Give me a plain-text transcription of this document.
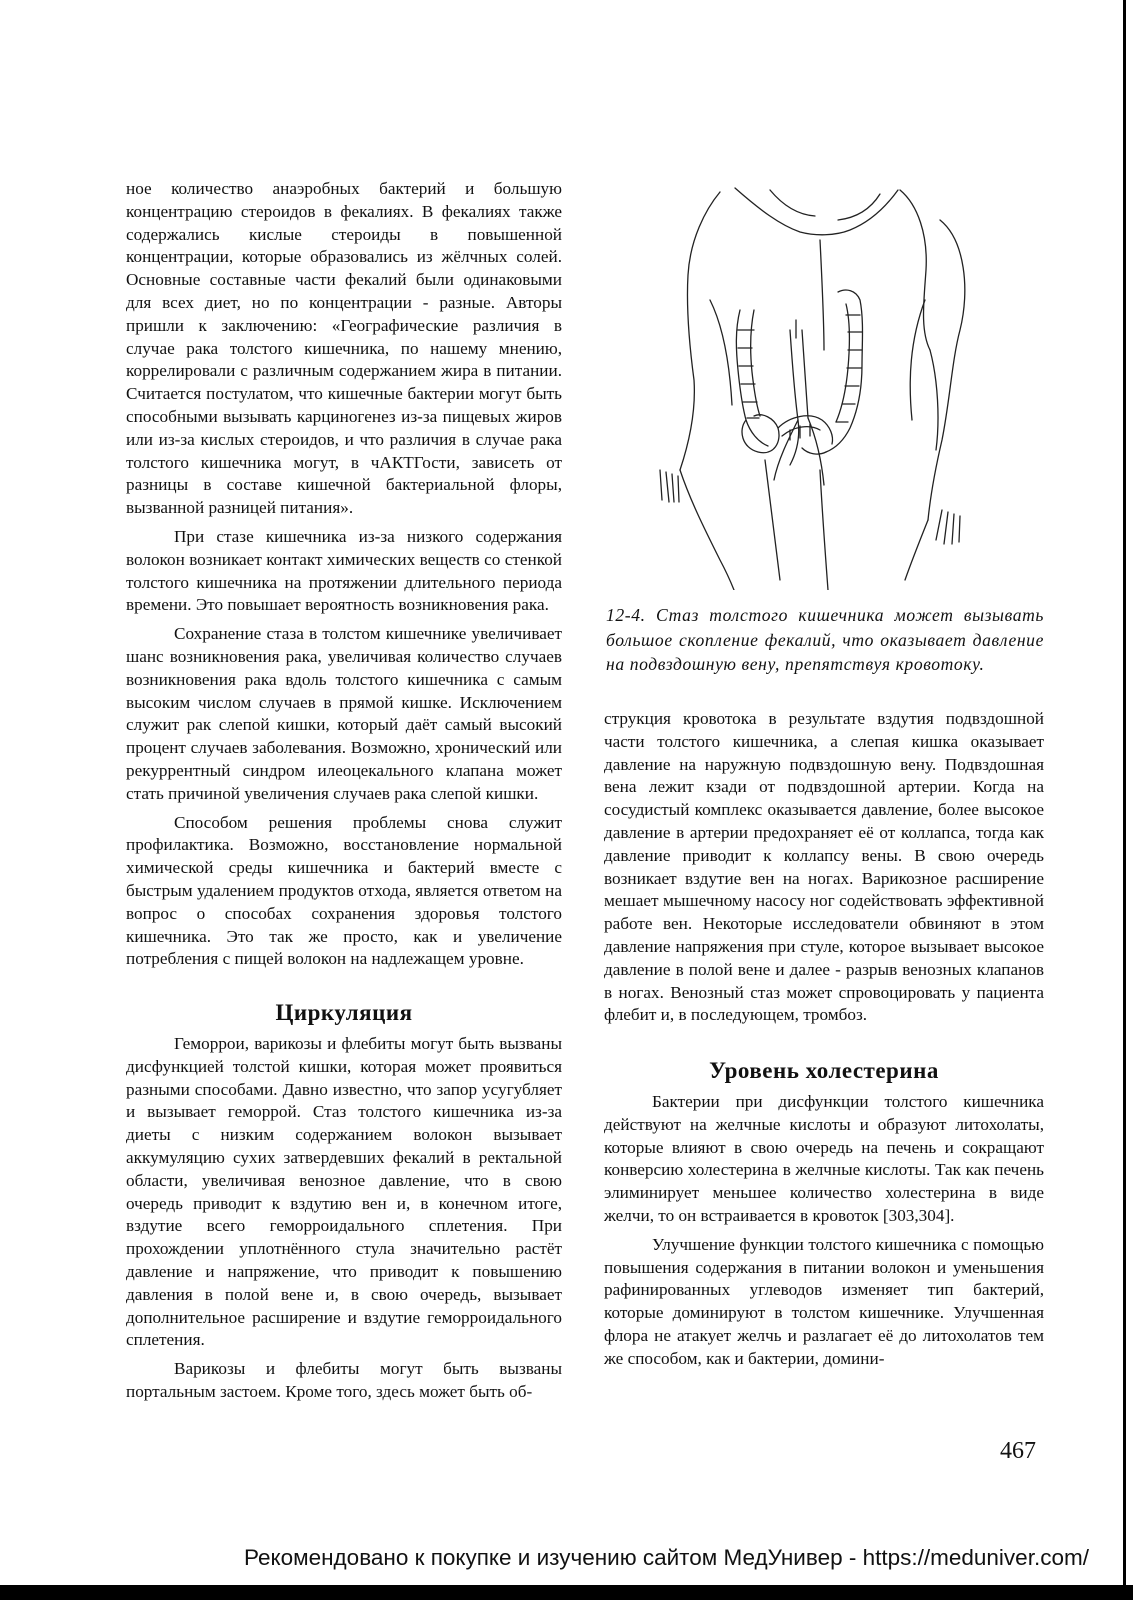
ное количество анаэробных бактерий и большую концентрацию стероидов в фекалиях. В фекалиях также содержались кислые стероиды в повышенной концентрации, которые образовались из жёлчных солей. Основные составные части фекалий были одинаковыми для всех диет, но по концентрации - разные. Авторы пришли к заключению: «Географические различия в случае рака толстого кишечника, по нашему мнению, коррелировали с различным содержанием жира в питании. Считается постулатом, что кишечные бактерии могут быть способными вызывать карциногенез из-за пищевых жиров или из-за кислых стероидов, и что различия в случае рака толстого кишечника могут, в чАКТГости, зависеть от разницы в составе кишечной бактериальной флоры, вызванной разницей питания».

При стазе кишечника из-за низкого содержания волокон возникает контакт химических веществ со стенкой толстого кишечника на протяжении длительного периода времени. Это повышает вероятность возникновения рака.

Сохранение стаза в толстом кишечнике увеличивает шанс возникновения рака, увеличивая количество случаев возникновения рака вдоль толстого кишечника с самым высоким числом случаев в прямой кишке. Исключением служит рак слепой кишки, который даёт самый высокий процент случаев заболевания. Возможно, хронический или рекуррентный синдром илеоцекального клапана может стать причиной увеличения случаев рака слепой кишки.

Способом решения проблемы снова служит профилактика. Возможно, восстановление нормальной химической среды кишечника и бактерий вместе с быстрым удалением продуктов отхода, является ответом на вопрос о способах сохранения здоровья толстого кишечника. Это так же просто, как и увеличение потребления с пищей волокон на надлежащем уровне.

Циркуляция

Геморрои, варикозы и флебиты могут быть вызваны дисфункцией толстой кишки, которая может проявиться разными способами. Давно известно, что запор усугубляет и вызывает геморрой. Стаз толстого кишечника из-за диеты с низким содержанием волокон вызывает аккумуляцию сухих затвердевших фекалий в ректальной области, увеличивая венозное давление, что в свою очередь приводит к вздутию вен и, в конечном итоге, вздутие всего геморроидального сплетения. При прохождении уплотнённого стула значительно растёт давление и напряжение, что приводит к повышению давления в полой вене и, в свою очередь, вызывает дополнительное расширение и вздутие геморроидального сплетения.

Варикозы и флебиты могут быть вызваны портальным застоем. Кроме того, здесь может быть об-

12-4. Стаз толстого кишечника может вызывать большое скопление фекалий, что оказывает давление на подвздошную вену, препятствуя кровотоку.

струкция кровотока в результате вздутия подвздошной части толстого кишечника, а слепая кишка оказывает давление на наружную подвздошную вену. Подвздошная вена лежит кзади от подвздошной артерии. Когда на сосудистый комплекс оказывается давление, более высокое давление в артерии предохраняет её от коллапса, тогда как давление приводит к коллапсу вены. В свою очередь возникает вздутие вен на ногах. Варикозное расширение мешает мышечному насосу ног содействовать эффективной работе вен. Некоторые исследователи обвиняют в этом давление напряжения при стуле, которое вызывает высокое давление в полой вене и далее - разрыв венозных клапанов в ногах. Венозный стаз может спровоцировать у пациента флебит и, в последующем, тромбоз.

Уровень холестерина

Бактерии при дисфункции толстого кишечника действуют на желчные кислоты и образуют литохолаты, которые влияют в свою очередь на печень и сокращают конверсию холестерина в желчные кислоты. Так как печень элиминирует меньшее количество холестерина в виде желчи, то он встраивается в кровоток [303,304].

Улучшение функции толстого кишечника с помощью повышения содержания в питании волокон и уменьшения рафинированных углеводов изменяет тип бактерий, которые доминируют в толстом кишечнике. Улучшенная флора не атакует желчь и разлагает её до литохолатов тем же способом, как и бактерии, домини-

467
Рекомендовано к покупке и изучению сайтом МедУнивер - https://meduniver.com/
